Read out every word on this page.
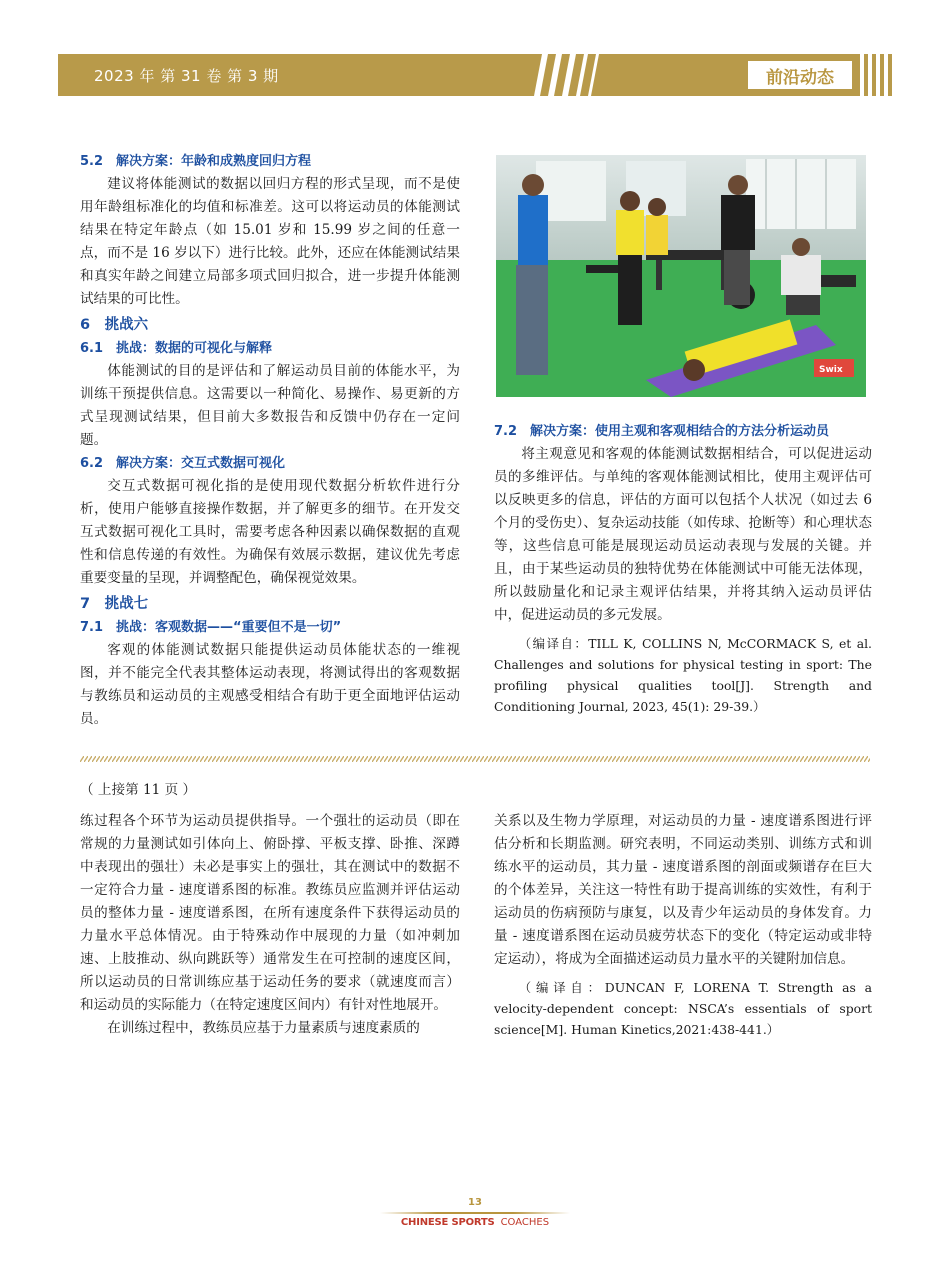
2023 年 第 31 卷 第 3 期	前沿动态
5.2　解决方案：年龄和成熟度回归方程
建议将体能测试的数据以回归方程的形式呈现，而不是使用年龄组标准化的均值和标准差。这可以将运动员的体能测试结果在特定年龄点（如 15.01 岁和 15.99 岁之间的任意一点，而不是 16 岁以下）进行比较。此外，还应在体能测试结果和真实年龄之间建立局部多项式回归拟合，进一步提升体能测试结果的可比性。
6　挑战六
6.1　挑战：数据的可视化与解释
体能测试的目的是评估和了解运动员目前的体能水平，为训练干预提供信息。这需要以一种简化、易操作、易更新的方式呈现测试结果，但目前大多数报告和反馈中仍存在一定问题。
6.2　解决方案：交互式数据可视化
交互式数据可视化指的是使用现代数据分析软件进行分析，使用户能够直接操作数据，并了解更多的细节。在开发交互式数据可视化工具时，需要考虑各种因素以确保数据的直观性和信息传递的有效性。为确保有效展示数据，建议优先考虑重要变量的呈现，并调整配色，确保视觉效果。
7　挑战七
7.1　挑战：客观数据——“重要但不是一切”
客观的体能测试数据只能提供运动员体能状态的一维视图，并不能完全代表其整体运动表现，将测试得出的客观数据与教练员和运动员的主观感受相结合有助于更全面地评估运动员。
Swix
7.2　解决方案：使用主观和客观相结合的方法分析运动员
将主观意见和客观的体能测试数据相结合，可以促进运动员的多维评估。与单纯的客观体能测试相比，使用主观评估可以反映更多的信息，评估的方面可以包括个人状况（如过去 6 个月的受伤史）、复杂运动技能（如传球、抢断等）和心理状态等，这些信息可能是展现运动员运动表现与发展的关键。并且，由于某些运动员的独特优势在体能测试中可能无法体现，所以鼓励量化和记录主观评估结果，并将其纳入运动员评估中，促进运动员的多元发展。
（编译自：TILL K, COLLINS N, McCORMACK S, et al. Challenges and solutions for physical testing in sport: The profiling physical qualities tool[J]. Strength and Conditioning Journal, 2023, 45(1): 29-39.）
（ 上接第 11 页 ）
练过程各个环节为运动员提供指导。一个强壮的运动员（即在常规的力量测试如引体向上、俯卧撑、平板支撑、卧推、深蹲中表现出的强壮）未必是事实上的强壮，其在测试中的数据不一定符合力量 - 速度谱系图的标准。教练员应监测并评估运动员的整体力量 - 速度谱系图，在所有速度条件下获得运动员的力量水平总体情况。由于特殊动作中展现的力量（如冲刺加速、上肢推动、纵向跳跃等）通常发生在可控制的速度区间，所以运动员的日常训练应基于运动任务的要求（就速度而言）和运动员的实际能力（在特定速度区间内）有针对性地展开。
在训练过程中，教练员应基于力量素质与速度素质的
关系以及生物力学原理，对运动员的力量 - 速度谱系图进行评估分析和长期监测。研究表明，不同运动类别、训练方式和训练水平的运动员，其力量 - 速度谱系图的剖面或频谱存在巨大的个体差异，关注这一特性有助于提高训练的实效性，有利于运动员的伤病预防与康复，以及青少年运动员的身体发育。力量 - 速度谱系图在运动员疲劳状态下的变化（特定运动或非特定运动），将成为全面描述运动员力量水平的关键附加信息。
（编译自：DUNCAN F, LORENA T. Strength as a velocity-dependent concept: NSCA’s essentials of sport science[M]. Human Kinetics,2021:438-441.）
13
CHINESE SPORTS COACHES
